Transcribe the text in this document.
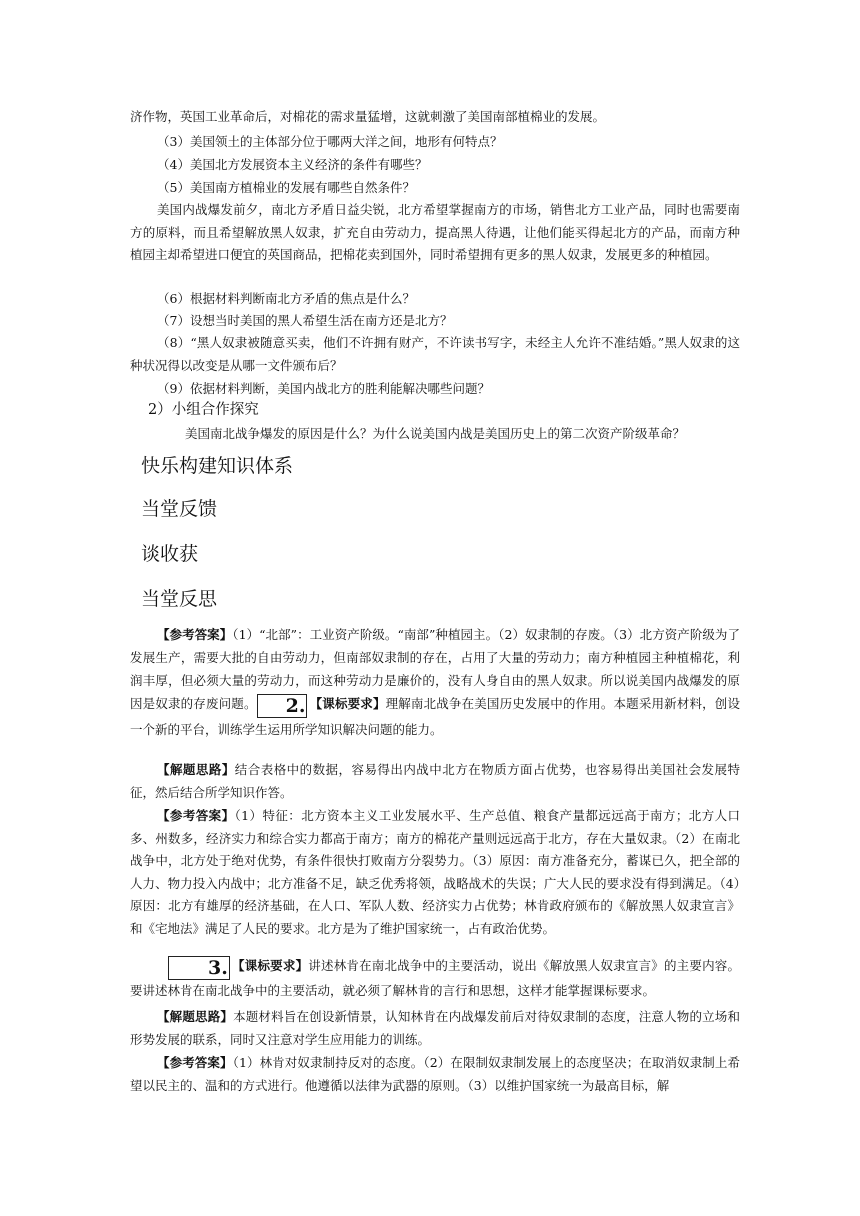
济作物，英国工业革命后，对棉花的需求量猛增，这就刺激了美国南部植棉业的发展。

（3）美国领土的主体部分位于哪两大洋之间，地形有何特点？

（4）美国北方发展资本主义经济的条件有哪些？

（5）美国南方植棉业的发展有哪些自然条件？

美国内战爆发前夕，南北方矛盾日益尖锐，北方希望掌握南方的市场，销售北方工业产品，同时也需要南方的原料，而且希望解放黑人奴隶，扩充自由劳动力，提高黑人待遇，让他们能买得起北方的产品，而南方种植园主却希望进口便宜的英国商品，把棉花卖到国外，同时希望拥有更多的黑人奴隶，发展更多的种植园。

（6）根据材料判断南北方矛盾的焦点是什么？

（7）设想当时美国的黑人希望生活在南方还是北方？

（8）“黑人奴隶被随意买卖，他们不许拥有财产，不许读书写字，未经主人允许不准结婚。”黑人奴隶的这种状况得以改变是从哪一文件颁布后？

（9）依据材料判断，美国内战北方的胜利能解决哪些问题？

2）小组合作探究

美国南北战争爆发的原因是什么？为什么说美国内战是美国历史上的第二次资产阶级革命？

快乐构建知识体系

当堂反馈

谈收获

当堂反思

【参考答案】（1）“北部”：工业资产阶级。“南部”种植园主。（2）奴隶制的存废。（3）北方资产阶级为了发展生产，需要大批的自由劳动力，但南部奴隶制的存在，占用了大量的劳动力；南方种植园主种植棉花，利润丰厚，但必须大量的劳动力，而这种劳动力是廉价的，没有人身自由的黑人奴隶。所以说美国内战爆发的原因是奴隶的存废问题。 2. 【课标要求】理解南北战争在美国历史发展中的作用。本题采用新材料，创设一个新的平台，训练学生运用所学知识解决问题的能力。

【解题思路】结合表格中的数据，容易得出内战中北方在物质方面占优势，也容易得出美国社会发展特征，然后结合所学知识作答。

【参考答案】（1）特征：北方资本主义工业发展水平、生产总值、粮食产量都远远高于南方；北方人口多、州数多，经济实力和综合实力都高于南方；南方的棉花产量则远远高于北方，存在大量奴隶。（2）在南北战争中，北方处于绝对优势，有条件很快打败南方分裂势力。（3）原因：南方准备充分，蓄谋已久，把全部的人力、物力投入内战中；北方准备不足，缺乏优秀将领，战略战术的失误；广大人民的要求没有得到满足。（4）原因：北方有雄厚的经济基础，在人口、军队人数、经济实力占优势；林肯政府颁布的《解放黑人奴隶宣言》和《宅地法》满足了人民的要求。北方是为了维护国家统一，占有政治优势。

3. 【课标要求】讲述林肯在南北战争中的主要活动，说出《解放黑人奴隶宣言》的主要内容。要讲述林肯在南北战争中的主要活动，就必须了解林肯的言行和思想，这样才能掌握课标要求。

【解题思路】本题材料旨在创设新情景，认知林肯在内战爆发前后对待奴隶制的态度，注意人物的立场和形势发展的联系，同时又注意对学生应用能力的训练。

【参考答案】（1）林肯对奴隶制持反对的态度。（2）在限制奴隶制发展上的态度坚决；在取消奴隶制上希望以民主的、温和的方式进行。他遵循以法律为武器的原则。（3）以维护国家统一为最高目标，解
